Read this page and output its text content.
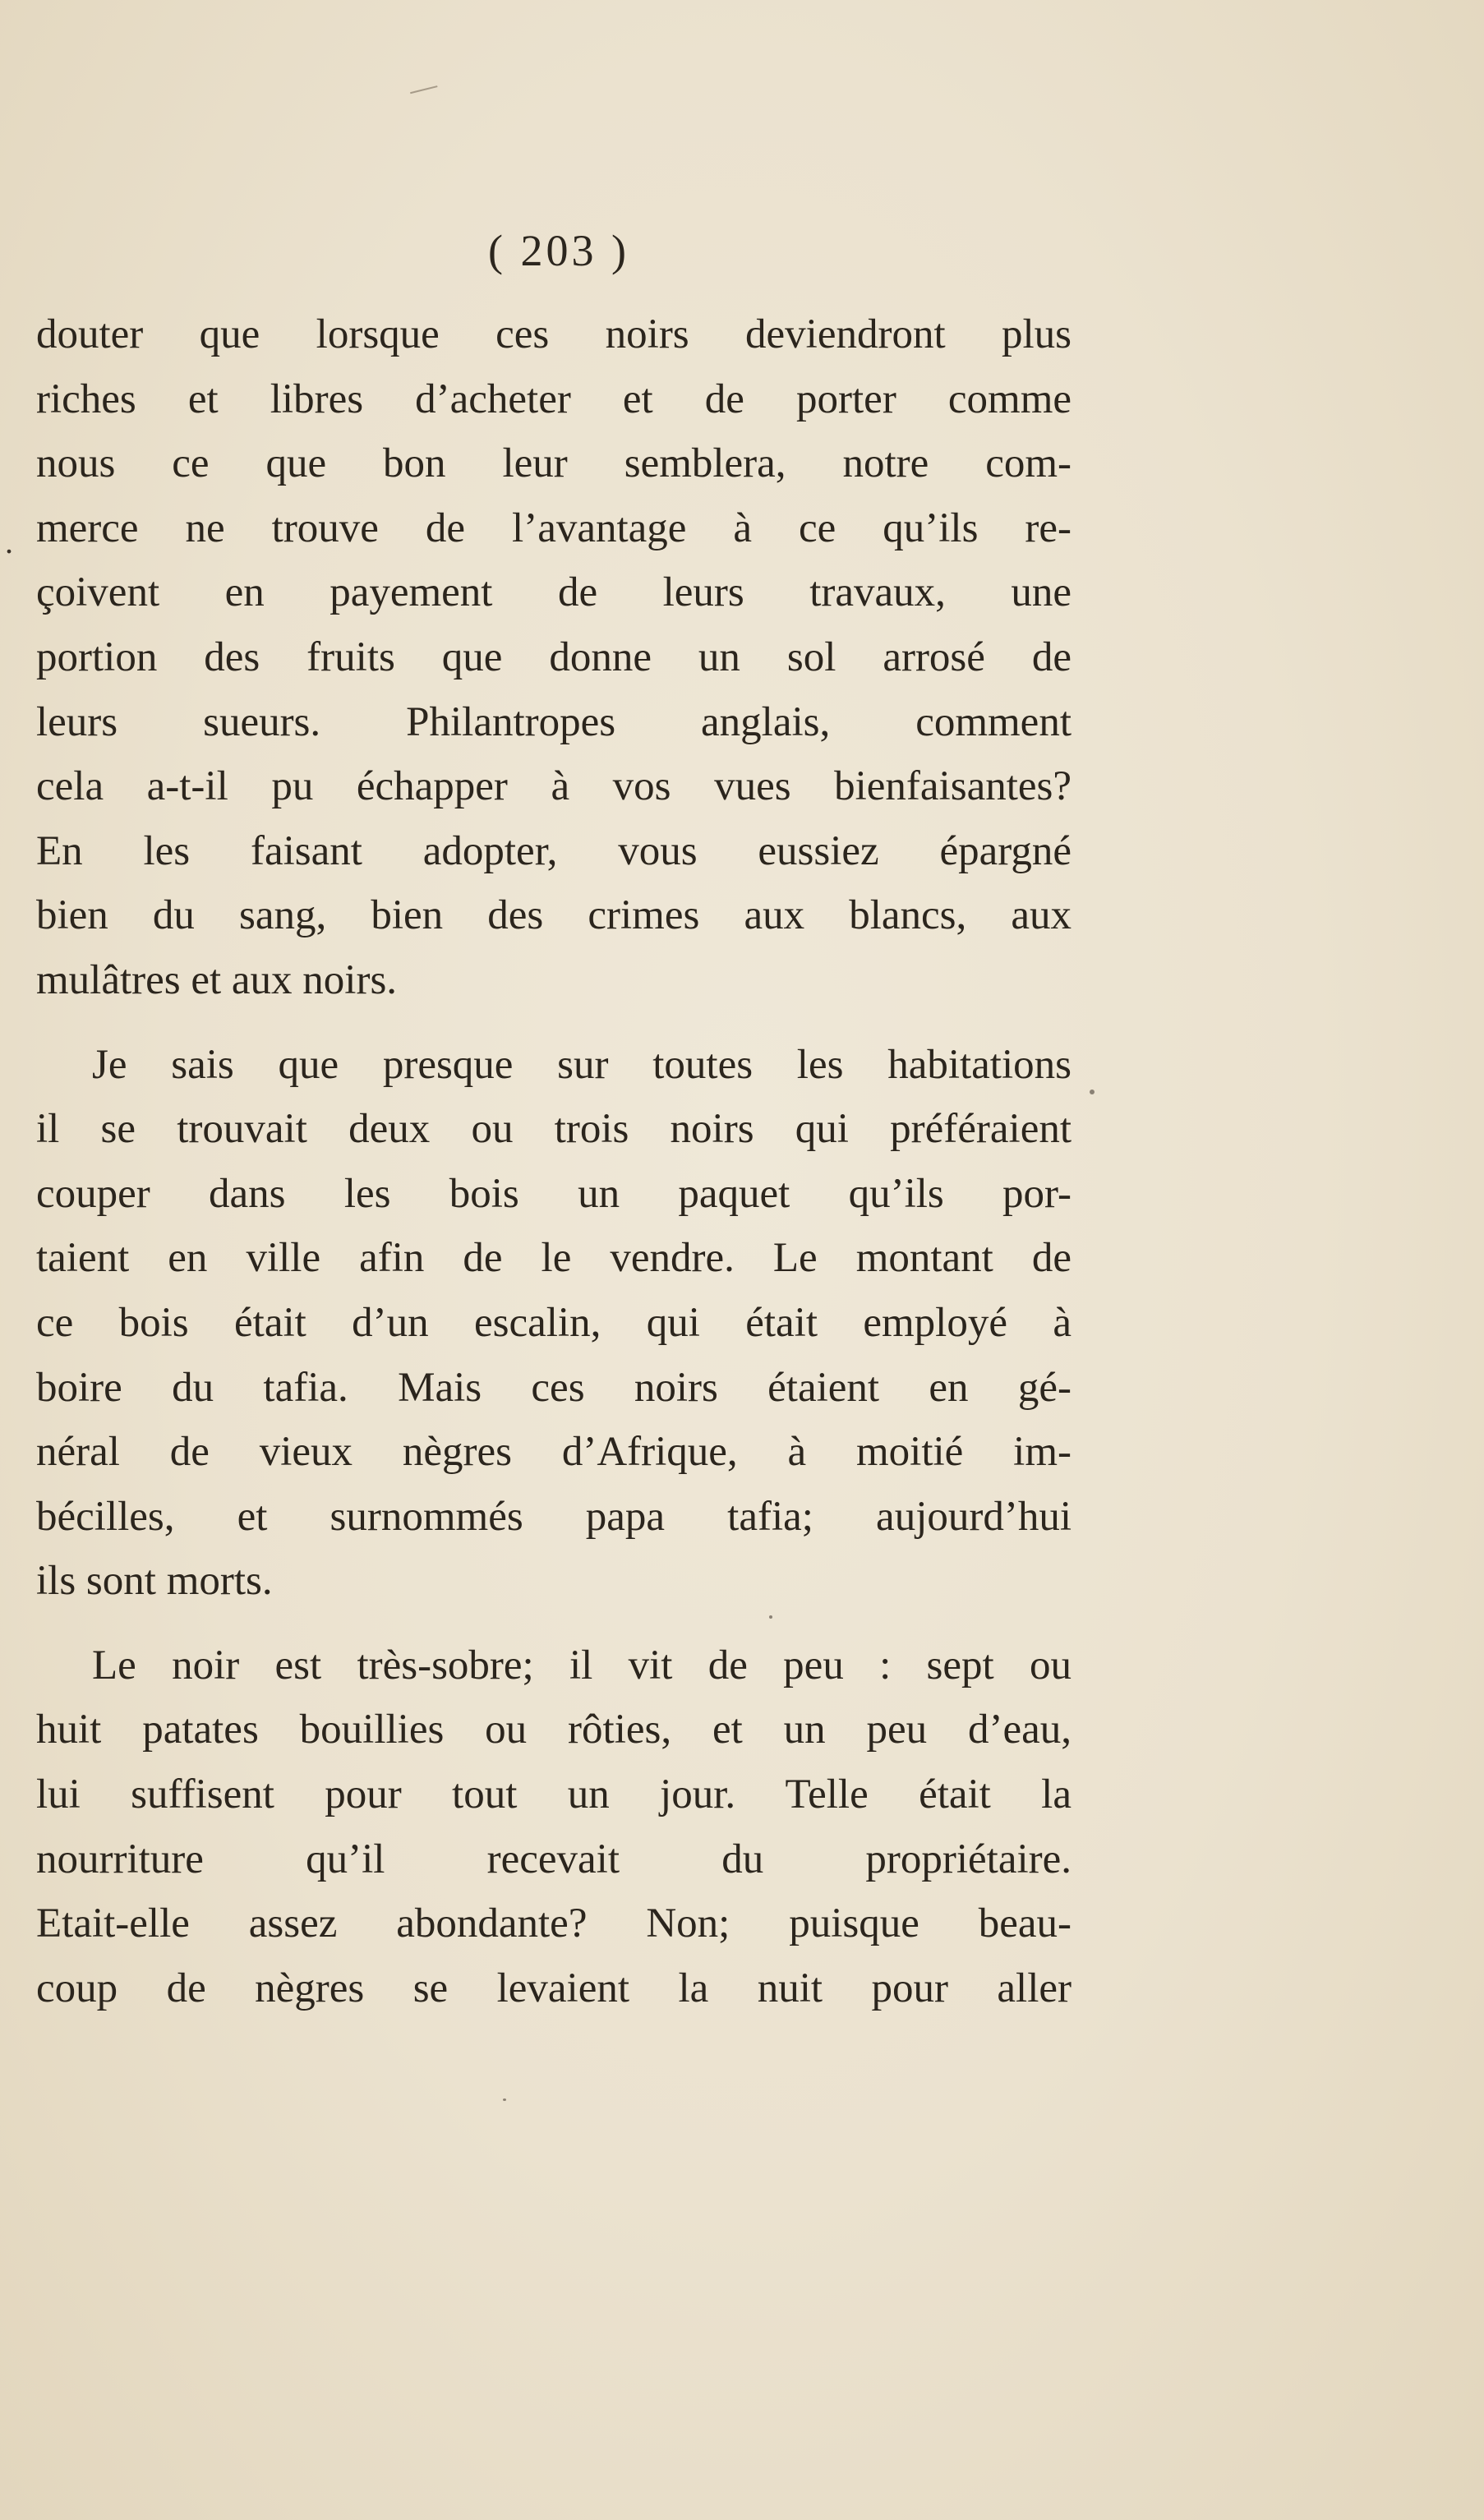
.
( 203 )
douter que lorsque ces noirs deviendront plus
riches et libres d’acheter et de porter comme
nous ce que bon leur semblera, notre com-
merce ne trouve de l’avantage à ce qu’ils re-
çoivent en payement de leurs travaux, une
portion des fruits que donne un sol arrosé de
leurs sueurs. Philantropes anglais, comment
cela a-t-il pu échapper à vos vues bienfaisantes?
En les faisant adopter, vous eussiez épargné
bien du sang, bien des crimes aux blancs, aux
mulâtres et aux noirs.
Je sais que presque sur toutes les habitations
il se trouvait deux ou trois noirs qui préféraient
couper dans les bois un paquet qu’ils por-
taient en ville afin de le vendre. Le montant de
ce bois était d’un escalin, qui était employé à
boire du tafia. Mais ces noirs étaient en gé-
néral de vieux nègres d’Afrique, à moitié im-
bécilles, et surnommés papa tafia; aujourd’hui
ils sont morts.
Le noir est très-sobre; il vit de peu : sept ou
huit patates bouillies ou rôties, et un peu d’eau,
lui suffisent pour tout un jour. Telle était la
nourriture qu’il recevait du propriétaire.
Etait-elle assez abondante? Non; puisque beau-
coup de nègres se levaient la nuit pour aller
